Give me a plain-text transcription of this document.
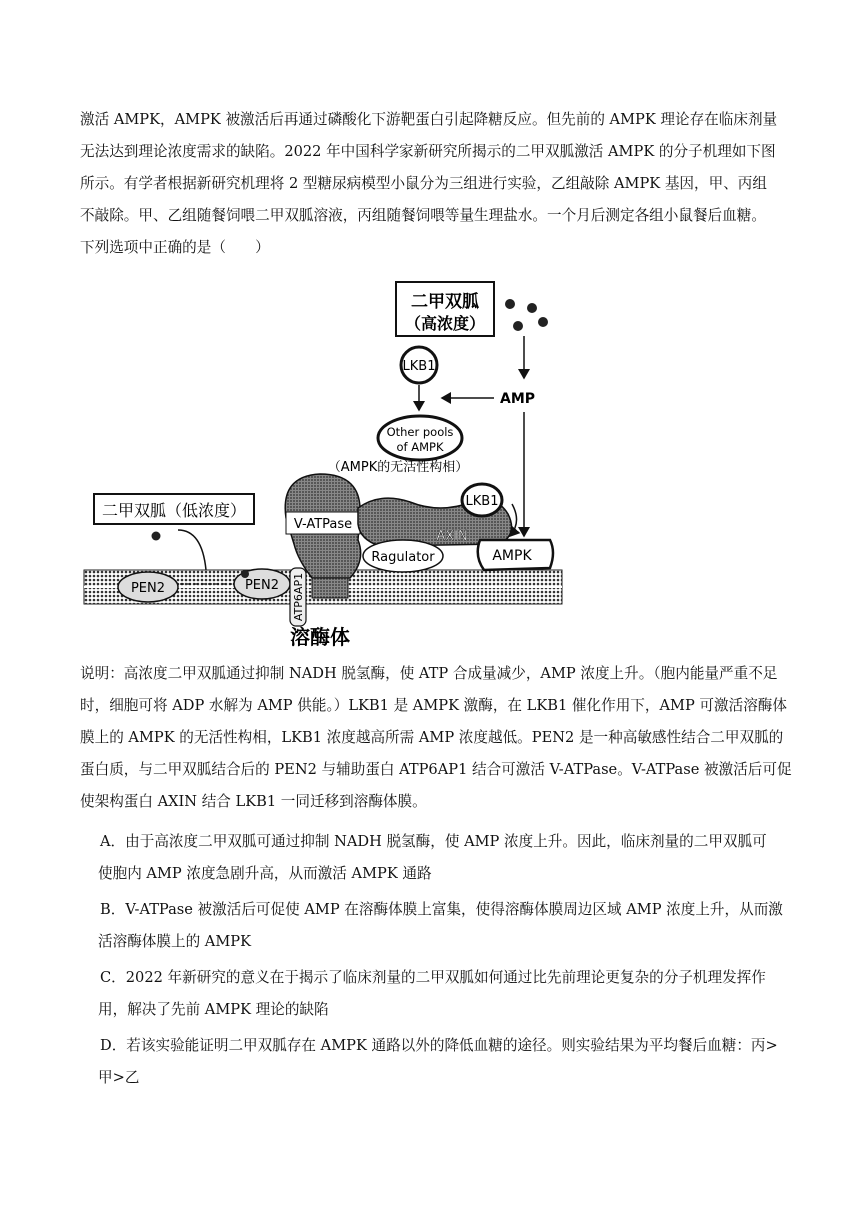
激活 AMPK，AMPK 被激活后再通过磷酸化下游靶蛋白引起降糖反应。但先前的 AMPK 理论存在临床剂量
无法达到理论浓度需求的缺陷。2022 年中国科学家新研究所揭示的二甲双胍激活 AMPK 的分子机理如下图
所示。有学者根据新研究机理将 2 型糖尿病模型小鼠分为三组进行实验，乙组敲除 AMPK 基因，甲、丙组
不敲除。甲、乙组随餐饲喂二甲双胍溶液，丙组随餐饲喂等量生理盐水。一个月后测定各组小鼠餐后血糖。
下列选项中正确的是（　　）
二甲双胍
（高浓度）
LKB1
AMP
Other pools
of AMPK
（AMPK的无活性构相）
二甲双胍（低浓度）
PEN2	PEN2 ATP6AP1
V-ATPase
AXIN
Ragulator
LKB1
AMPK
溶酶体
说明：高浓度二甲双胍通过抑制 NADH 脱氢酶，使 ATP 合成量减少，AMP 浓度上升。（胞内能量严重不足
时，细胞可将 ADP 水解为 AMP 供能。）LKB1 是 AMPK 激酶，在 LKB1 催化作用下，AMP 可激活溶酶体
膜上的 AMPK 的无活性构相，LKB1 浓度越高所需 AMP 浓度越低。PEN2 是一种高敏感性结合二甲双胍的
蛋白质，与二甲双胍结合后的 PEN2 与辅助蛋白 ATP6AP1 结合可激活 V-ATPase。V-ATPase 被激活后可促
使架构蛋白 AXIN 结合 LKB1 一同迁移到溶酶体膜。
A．由于高浓度二甲双胍可通过抑制 NADH 脱氢酶，使 AMP 浓度上升。因此，临床剂量的二甲双胍可
使胞内 AMP 浓度急剧升高，从而激活 AMPK 通路
B．V-ATPase 被激活后可促使 AMP 在溶酶体膜上富集，使得溶酶体膜周边区域 AMP 浓度上升，从而激
活溶酶体膜上的 AMPK
C．2022 年新研究的意义在于揭示了临床剂量的二甲双胍如何通过比先前理论更复杂的分子机理发挥作
用，解决了先前 AMPK 理论的缺陷
D．若该实验能证明二甲双胍存在 AMPK 通路以外的降低血糖的途径。则实验结果为平均餐后血糖：丙>
甲>乙
